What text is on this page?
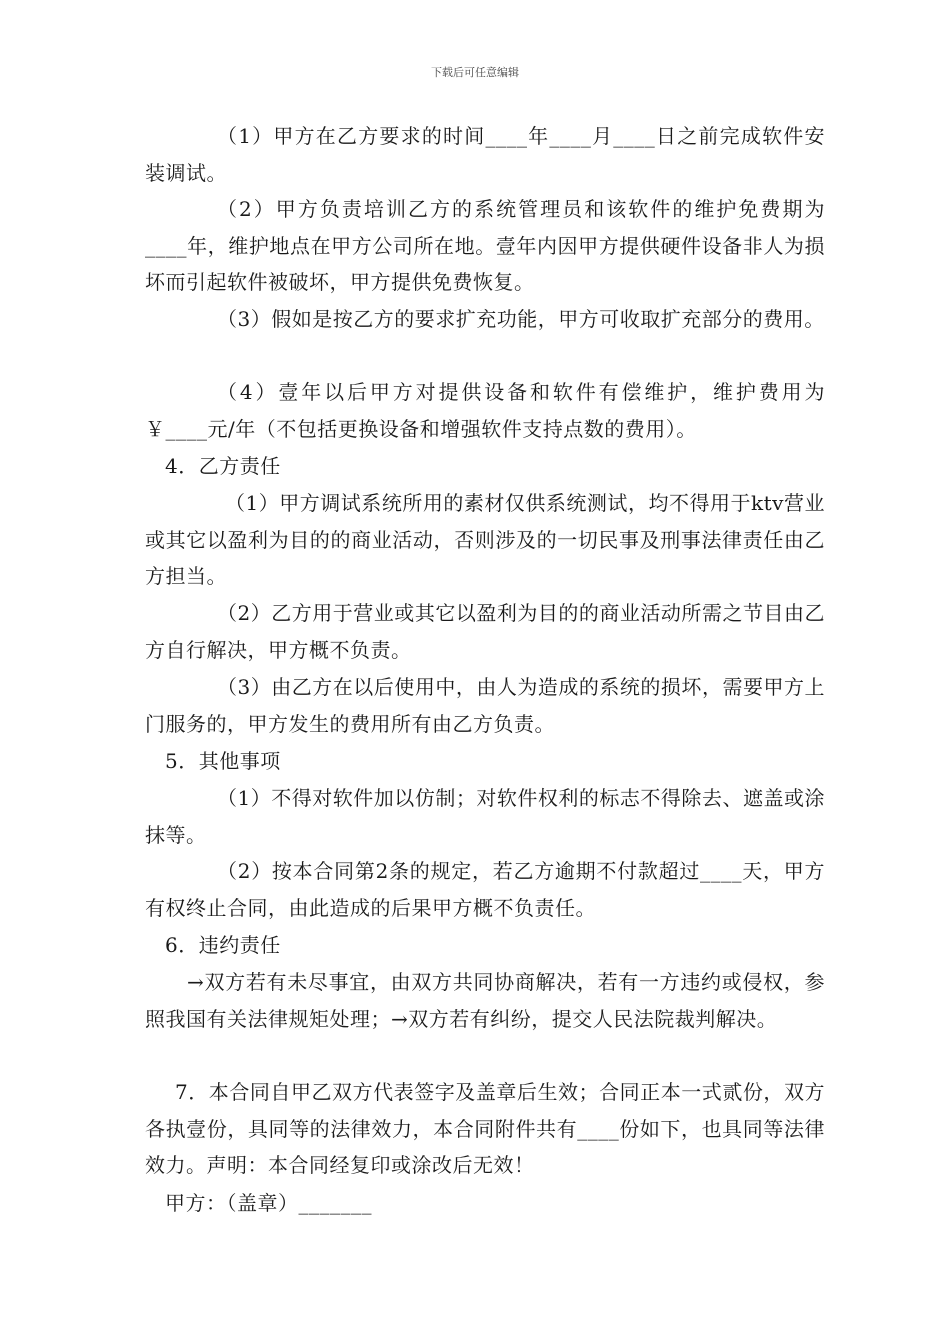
下载后可任意编辑

（1）甲方在乙方要求的时间____年____月____日之前完成软件安装调试。

（2）甲方负责培训乙方的系统管理员和该软件的维护免费期为____年，维护地点在甲方公司所在地。壹年内因甲方提供硬件设备非人为损坏而引起软件被破坏，甲方提供免费恢复。

（3）假如是按乙方的要求扩充功能，甲方可收取扩充部分的费用。

（4）壹年以后甲方对提供设备和软件有偿维护，维护费用为￥____元/年（不包括更换设备和增强软件支持点数的费用）。

4．乙方责任

（1）甲方调试系统所用的素材仅供系统测试，均不得用于ktv营业或其它以盈利为目的的商业活动，否则涉及的一切民事及刑事法律责任由乙方担当。

（2）乙方用于营业或其它以盈利为目的的商业活动所需之节目由乙方自行解决，甲方概不负责。

（3）由乙方在以后使用中，由人为造成的系统的损坏，需要甲方上门服务的，甲方发生的费用所有由乙方负责。

5．其他事项

（1）不得对软件加以仿制；对软件权利的标志不得除去、遮盖或涂抹等。

（2）按本合同第2条的规定，若乙方逾期不付款超过____天，甲方有权终止合同，由此造成的后果甲方概不负责任。

6．违约责任

→双方若有未尽事宜，由双方共同协商解决，若有一方违约或侵权，参照我国有关法律规矩处理；→双方若有纠纷，提交人民法院裁判解决。

7．本合同自甲乙双方代表签字及盖章后生效；合同正本一式贰份，双方各执壹份，具同等的法律效力，本合同附件共有____份如下，也具同等法律效力。声明：本合同经复印或涂改后无效！

甲方：（盖章）_______
